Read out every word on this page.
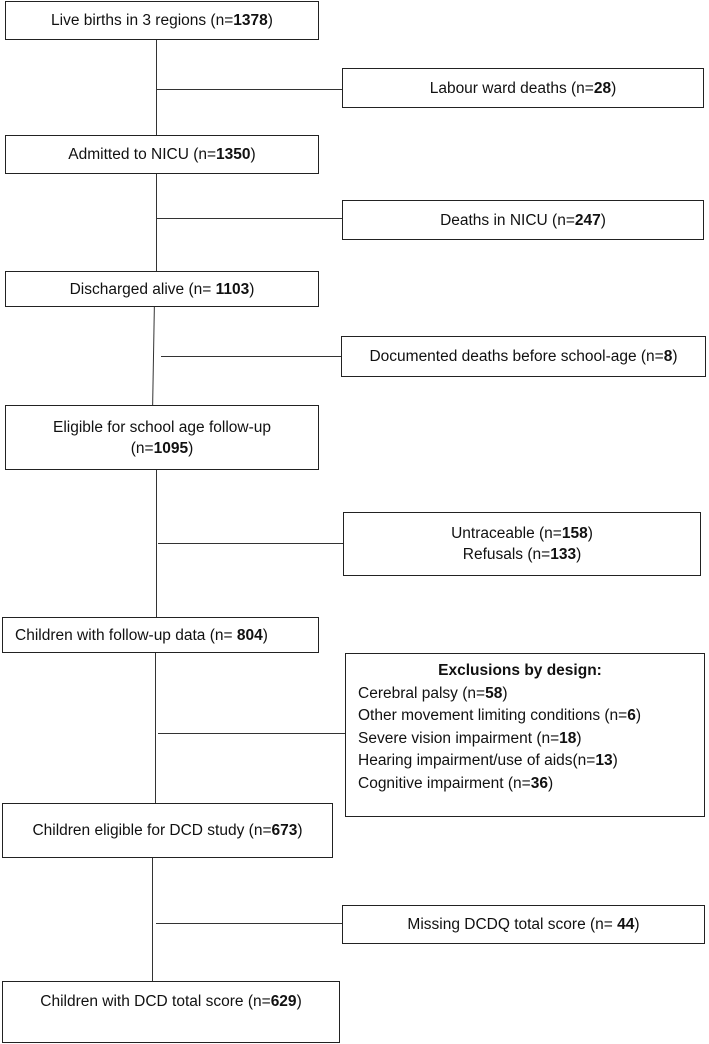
Live births in 3 regions (n=1378)
Admitted to NICU (n=1350)
Discharged alive (n= 1103)
Eligible for school age follow-up
(n=1095)
Children with follow-up data (n= 804)
Children eligible for DCD study (n=673)
Children with DCD total score (n=629)
Labour ward deaths (n=28)
Deaths in NICU (n=247)
Documented deaths before school-age (n=8)
Untraceable (n=158)
Refusals (n=133)
Exclusions by design:
Cerebral palsy (n=58)
Other movement limiting conditions (n=6)
Severe vision impairment (n=18)
Hearing impairment/use of aids(n=13)
Cognitive impairment (n=36)
Missing DCDQ total score (n= 44)
